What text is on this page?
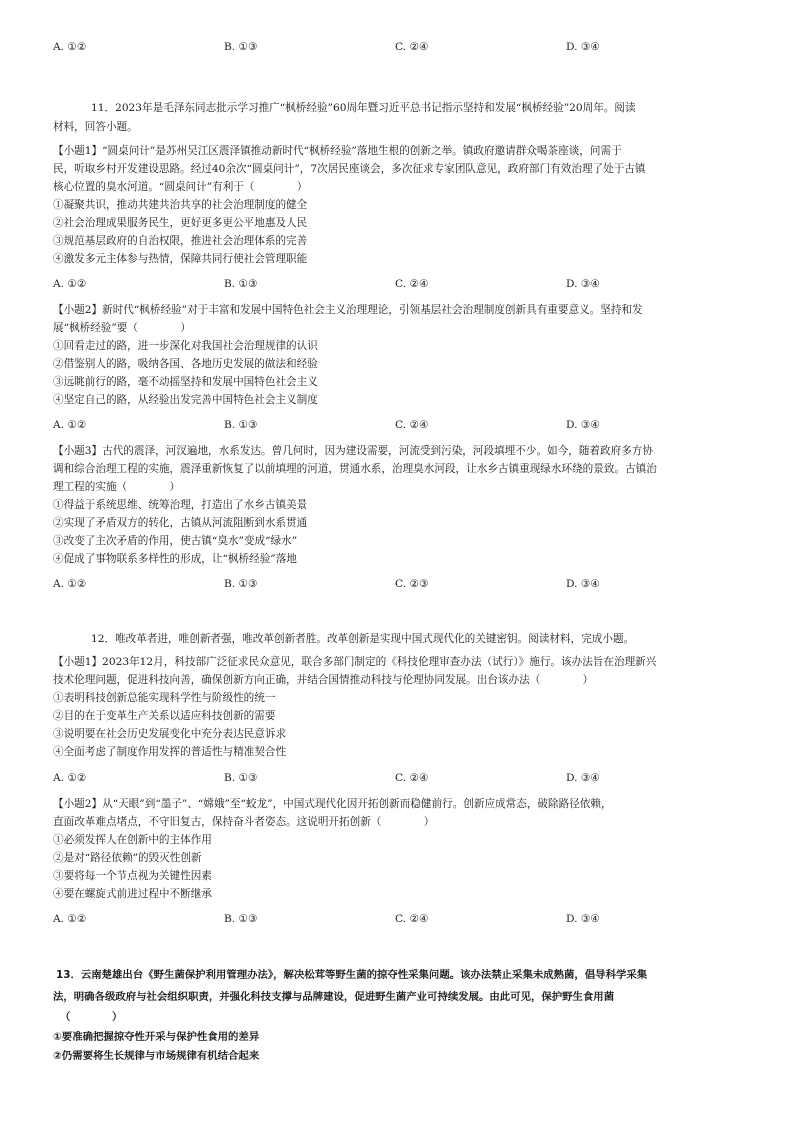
A. ①②	B. ①③	C. ②④	D. ③④
11．2023年是毛泽东同志批示学习推广“枫桥经验”60周年暨习近平总书记指示坚持和发展“枫桥经验”20周年。阅读
材料，回答小题。
【小题1】“圆桌问计”是苏州吴江区震泽镇推动新时代“枫桥经验”落地生根的创新之举。镇政府邀请群众喝茶座谈，问需于
民，听取乡村开发建设思路。经过40余次“圆桌问计”，7次居民座谈会，多次征求专家团队意见，政府部门有效治理了处于古镇
核心位置的臭水河道。“圆桌问计”有利于（　　　　）
①凝聚共识，推动共建共治共享的社会治理制度的健全
②社会治理成果服务民生，更好更多更公平地惠及人民
③规范基层政府的自治权限，推进社会治理体系的完善
④激发多元主体参与热情，保障共同行使社会管理职能
A. ①②	B. ①③	C. ②④	D. ③④
【小题2】新时代“枫桥经验”对于丰富和发展中国特色社会主义治理理论，引领基层社会治理制度创新具有重要意义。坚持和发
展“枫桥经验”要（　　　　）
①回看走过的路，进一步深化对我国社会治理规律的认识
②借鉴别人的路，吸纳各国、各地历史发展的做法和经验
③远眺前行的路，毫不动摇坚持和发展中国特色社会主义
④坚定自己的路，从经验出发完善中国特色社会主义制度
A. ①②	B. ①③	C. ②④	D. ③④
【小题3】古代的震泽，河汊遍地，水系发达。曾几何时，因为建设需要，河流受到污染，河段填埋不少。如今，随着政府多方协
调和综合治理工程的实施，震泽重新恢复了以前填埋的河道，贯通水系，治理臭水河段，让水乡古镇重现绿水环绕的景致。古镇治
理工程的实施（　　　　）
①得益于系统思维、统筹治理，打造出了水乡古镇美景
②实现了矛盾双方的转化，古镇从河流阻断到水系贯通
③改变了主次矛盾的作用，使古镇“臭水”变成“绿水”
④促成了事物联系多样性的形成，让“枫桥经验”落地
A. ①②	B. ①③	C. ②③	D. ③④
12．唯改革者进，唯创新者强，唯改革创新者胜。改革创新是实现中国式现代化的关键密钥。阅读材料，完成小题。
【小题1】2023年12月，科技部广泛征求民众意见，联合多部门制定的《科技伦理审查办法（试行）》施行。该办法旨在治理新兴
技术伦理问题，促进科技向善，确保创新方向正确，并结合国情推动科技与伦理协同发展。出台该办法（　　　　）
①表明科技创新总能实现科学性与阶级性的统一
②目的在于变革生产关系以适应科技创新的需要
③说明要在社会历史发展变化中充分表达民意诉求
④全面考虑了制度作用发挥的普适性与精准契合性
A. ①②	B. ①③	C. ②④	D. ③④
【小题2】从“天眼”到“墨子”、“嫦娥”至“蛟龙”，中国式现代化因开拓创新而稳健前行。创新应成常态，破除路径依赖，
直面改革难点堵点，不守旧复古，保持奋斗者姿态。这说明开拓创新（　　　　）
①必须发挥人在创新中的主体作用
②是对“路径依赖”的毁灭性创新
③要将每一个节点视为关键性因素
④要在螺旋式前进过程中不断继承
A. ①②	B. ①③	C. ②④	D. ③④
13．云南楚雄出台《野生菌保护利用管理办法》，解决松茸等野生菌的掠夺性采集问题。该办法禁止采集未成熟菌，倡导科学采集
法，明确各级政府与社会组织职责，并强化科技支撑与品牌建设，促进野生菌产业可持续发展。由此可见，保护野生食用菌
（　　　　）
①要准确把握掠夺性开采与保护性食用的差异
②仍需要将生长规律与市场规律有机结合起来
